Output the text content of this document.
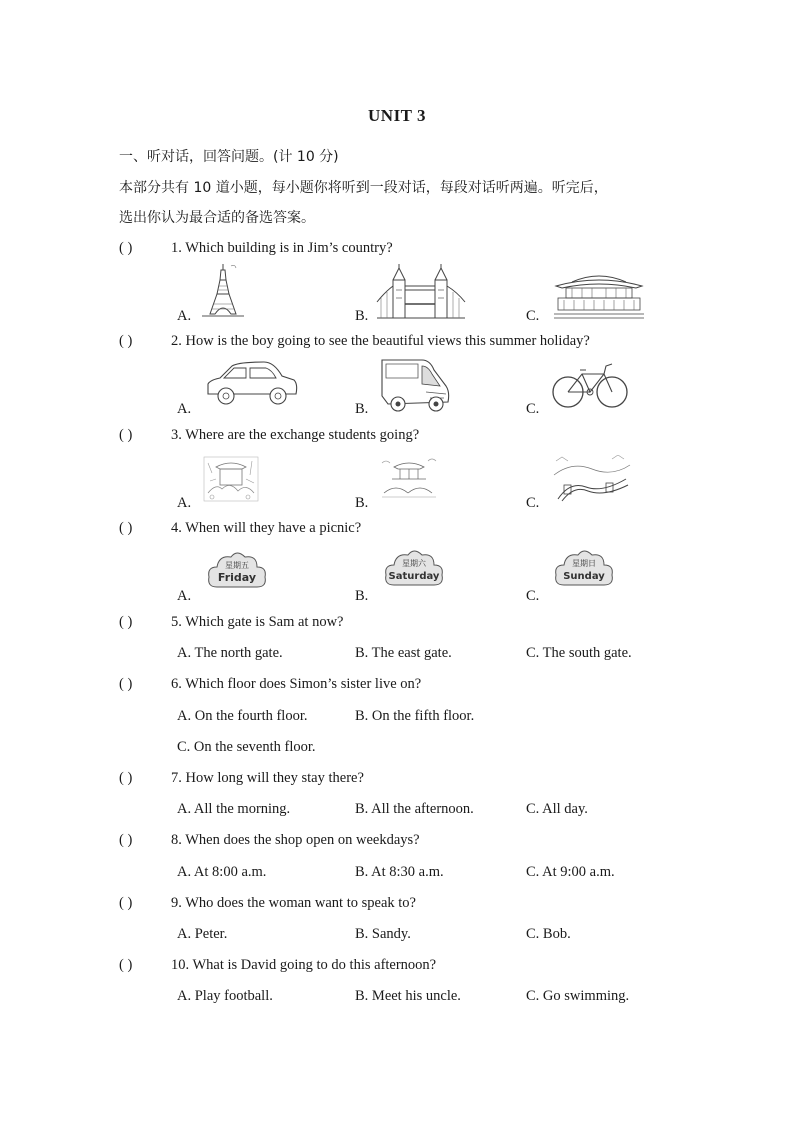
UNIT 3
一、听对话，回答问题。(计 10 分)
本部分共有 10 道小题，每小题你将听到一段对话，每段对话听两遍。听完后，
选出你认为最合适的备选答案。
( )	1. Which building is in Jim’s country?
A.	B.	C.
( )	2. How is the boy going to see the beautiful views this summer holiday?
A.	B.	C.
( )	3. Where are the exchange students going?
A.	B.	C.
( )	4. When will they have a picnic?
A.
星期五
Friday
B.
星期六
Saturday
C.
星期日
Sunday
( )	5. Which gate is Sam at now?
A. The north gate.	B. The east gate.	C. The south gate.
( )	6. Which floor does Simon’s sister live on?
A. On the fourth floor.	B. On the fifth floor.
C. On the seventh floor.
( )	7. How long will they stay there?
A. All the morning.	B. All the afternoon.	C. All day.
( )	8. When does the shop open on weekdays?
A. At 8:00 a.m.	B. At 8:30 a.m.	C. At 9:00 a.m.
( )	9. Who does the woman want to speak to?
A. Peter.	B. Sandy.	C. Bob.
( )	10. What is David going to do this afternoon?
A. Play football.	B. Meet his uncle.	C. Go swimming.
